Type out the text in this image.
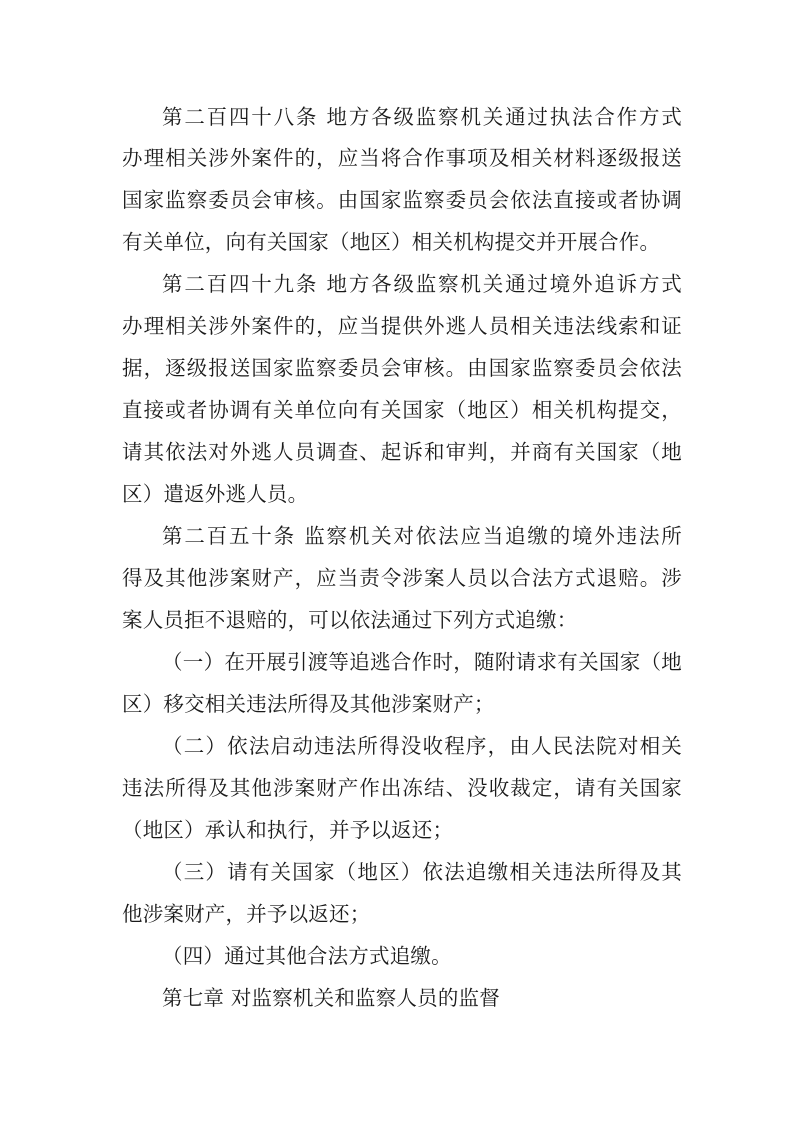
第二百四十八条 地方各级监察机关通过执法合作方式
办理相关涉外案件的，应当将合作事项及相关材料逐级报送
国家监察委员会审核。由国家监察委员会依法直接或者协调
有关单位，向有关国家（地区）相关机构提交并开展合作。
第二百四十九条 地方各级监察机关通过境外追诉方式
办理相关涉外案件的，应当提供外逃人员相关违法线索和证
据，逐级报送国家监察委员会审核。由国家监察委员会依法
直接或者协调有关单位向有关国家（地区）相关机构提交，
请其依法对外逃人员调查、起诉和审判，并商有关国家（地
区）遣返外逃人员。
第二百五十条 监察机关对依法应当追缴的境外违法所
得及其他涉案财产，应当责令涉案人员以合法方式退赔。涉
案人员拒不退赔的，可以依法通过下列方式追缴：
（一）在开展引渡等追逃合作时，随附请求有关国家（地
区）移交相关违法所得及其他涉案财产；
（二）依法启动违法所得没收程序，由人民法院对相关
违法所得及其他涉案财产作出冻结、没收裁定，请有关国家
（地区）承认和执行，并予以返还；
（三）请有关国家（地区）依法追缴相关违法所得及其
他涉案财产，并予以返还；
（四）通过其他合法方式追缴。
第七章 对监察机关和监察人员的监督
